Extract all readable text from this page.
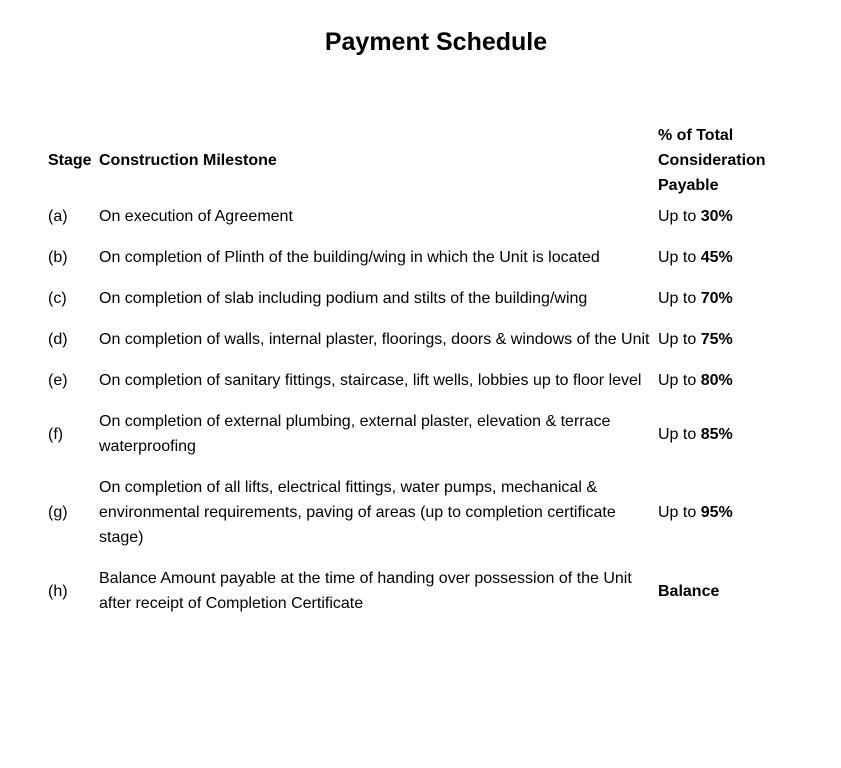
Payment Schedule
Stage	Construction Milestone	% of Total
Consideration
Payable

(a)	On execution of Agreement	Up to 30%
(b)	On completion of Plinth of the building/wing in which the Unit is located	Up to 45%
(c)	On completion of slab including podium and stilts of the building/wing	Up to 70%
(d)	On completion of walls, internal plaster, floorings, doors & windows of the Unit	Up to 75%
(e)	On completion of sanitary fittings, staircase, lift wells, lobbies up to floor level	Up to 80%
(f)	On completion of external plumbing, external plaster, elevation & terrace waterproofing	Up to 85%
(g)	On completion of all lifts, electrical fittings, water pumps, mechanical & environmental requirements, paving of areas (up to completion certificate stage)	Up to 95%
(h)	Balance Amount payable at the time of handing over possession of the Unit after receipt of Completion Certificate	Balance
